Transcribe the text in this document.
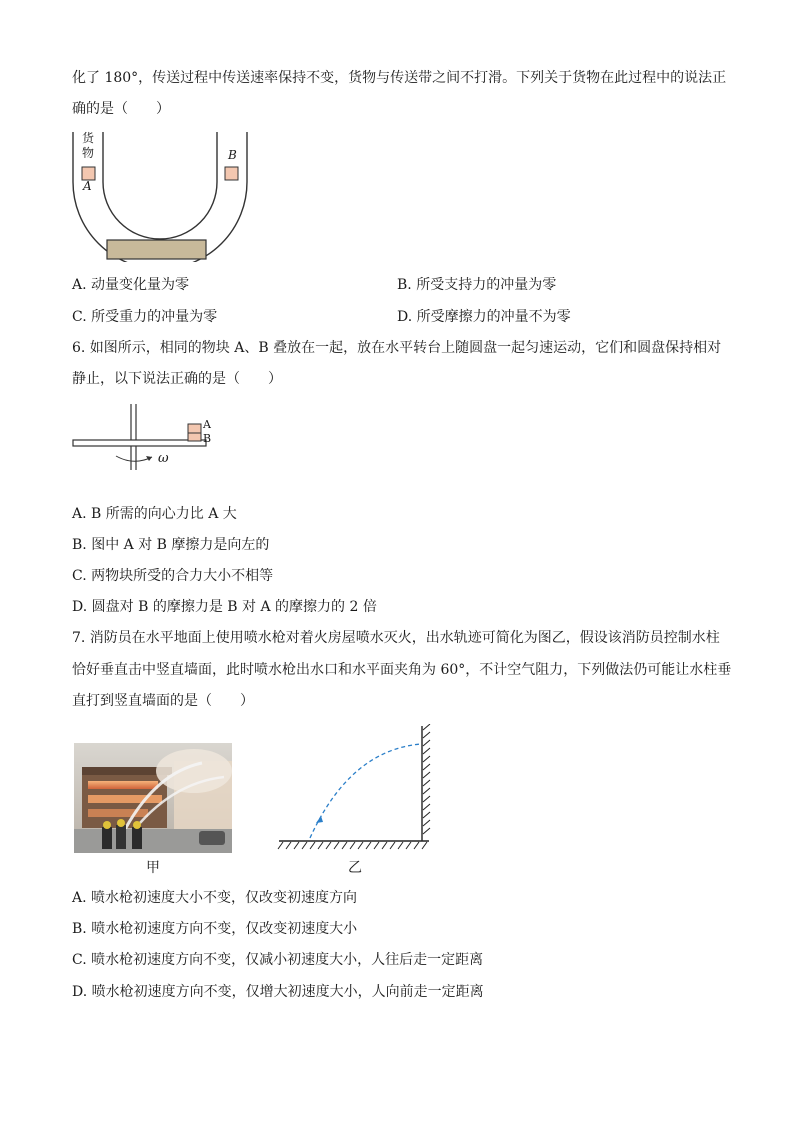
化了 180°，传送过程中传送速率保持不变，货物与传送带之间不打滑。下列关于货物在此过程中的说法正
确的是（　　）
货物
A
B
A. 动量变化量为零	B. 所受支持力的冲量为零
C. 所受重力的冲量为零	D. 所受摩擦力的冲量不为零
6. 如图所示，相同的物块 A、B 叠放在一起，放在水平转台上随圆盘一起匀速运动，它们和圆盘保持相对
静止，以下说法正确的是（　　）
A
B
ω
A. B 所需的向心力比 A 大
B. 图中 A 对 B 摩擦力是向左的
C. 两物块所受的合力大小不相等
D. 圆盘对 B 的摩擦力是 B 对 A 的摩擦力的 2 倍
7. 消防员在水平地面上使用喷水枪对着火房屋喷水灭火，出水轨迹可简化为图乙，假设该消防员控制水柱
恰好垂直击中竖直墙面，此时喷水枪出水口和水平面夹角为 60°，不计空气阻力，下列做法仍可能让水柱垂
直打到竖直墙面的是（　　）
甲	乙
A. 喷水枪初速度大小不变，仅改变初速度方向
B. 喷水枪初速度方向不变，仅改变初速度大小
C. 喷水枪初速度方向不变，仅减小初速度大小，人往后走一定距离
D. 喷水枪初速度方向不变，仅增大初速度大小，人向前走一定距离
